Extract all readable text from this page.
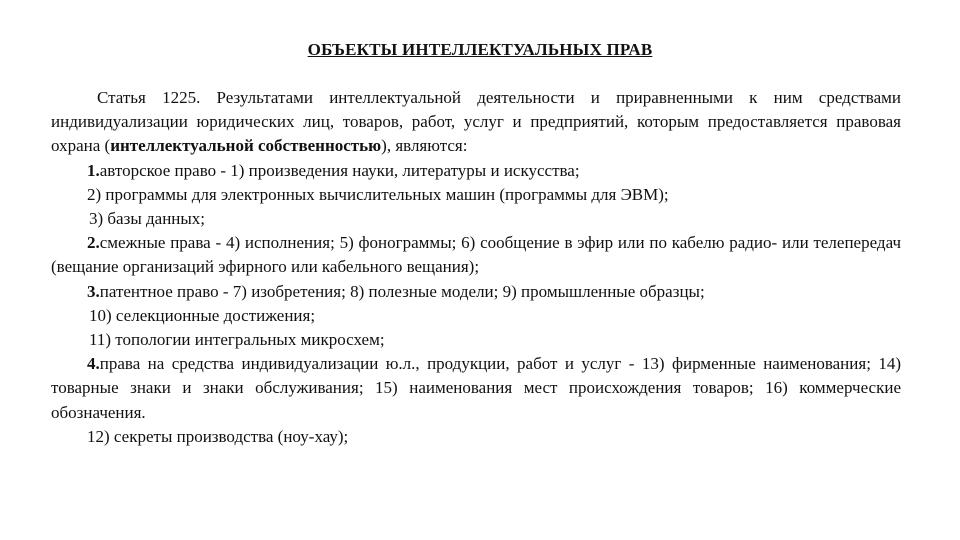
ОБЪЕКТЫ ИНТЕЛЛЕКТУАЛЬНЫХ ПРАВ

Статья 1225. Результатами интеллектуальной деятельности и приравненными к ним средствами индивидуализации юридических лиц, товаров, работ, услуг и предприятий, которым предоставляется правовая охрана (интеллектуальной собственностью), являются:

1.авторское право - 1) произведения науки, литературы и искусства;

2) программы для электронных вычислительных машин (программы для ЭВМ);

3) базы данных;

2.смежные права - 4) исполнения; 5) фонограммы; 6) сообщение в эфир или по кабелю радио- или телепередач (вещание организаций эфирного или кабельного вещания);

3.патентное право - 7) изобретения; 8) полезные модели; 9) промышленные образцы;

10) селекционные достижения;

11) топологии интегральных микросхем;

4.права на средства индивидуализации ю.л., продукции, работ и услуг - 13) фирменные наименования; 14) товарные знаки и знаки обслуживания; 15) наименования мест происхождения товаров; 16) коммерческие обозначения.

12) секреты производства (ноу-хау);
